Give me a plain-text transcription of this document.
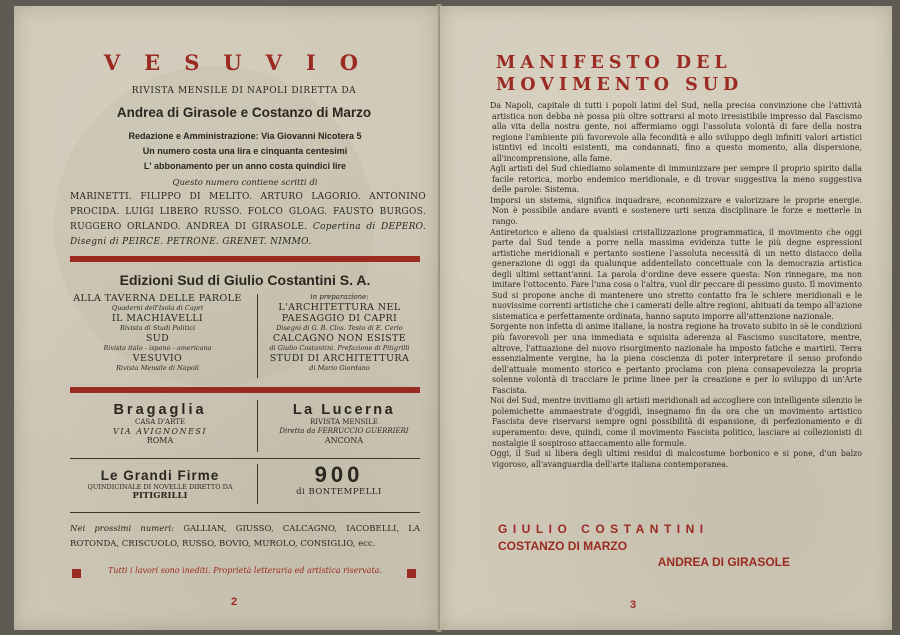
VESUVIO
RIVISTA MENSILE DI NAPOLI DIRETTA DA
Andrea di Girasole e Costanzo di Marzo
Redazione e Amministrazione: Via Giovanni Nicotera 5
Un numero costa una lira e cinquanta centesimi
L' abbonamento per un anno costa quindici lire
Questo numero contiene scritti di
MARINETTI. FILIPPO DI MELITO. ARTURO LAGORIO. ANTONINO PROCIDA. LUIGI LIBERO RUSSO. FOLCO GLOAG. FAUSTO BURGOS. RUGGERO ORLANDO. ANDREA DI GIRASOLE. Copertina di DEPERO. Disegni di PEIRCE. PETRONE. GRENET. NIMMO.
Edizioni Sud di Giulio Costantini S. A.
ALLA TAVERNA DELLE PAROLE
Quaderni dell'Isola di Capri
IL MACHIAVELLI
Rivista di Studi Politici
SUD
Rivista italo - ispano - americana
VESUVIO
Rivista Mensile di Napoli
in preparazione:
L'ARCHITETTURA NEL PAESAGGIO DI CAPRI
Disegni di G. B. Clos. Testo di E. Cerio
CALCAGNO NON ESISTE
di Giulio Costantini. Prefazione di Pitigrilli
STUDI DI ARCHITETTURA
di Mario Giordano
Bragaglia
CASA D'ARTE
VIA AVIGNONESI
ROMA
La Lucerna
RIVISTA MENSILE
Diretta da FERRUCCIO GUERRIERI
ANCONA
Le Grandi Firme
QUINDICINALE DI NOVELLE DIRETTO DA
PITIGRILLI
900
di BONTEMPELLI
Nei prossimi numeri: GALLIAN, GIUSSO, CALCAGNO, IACOBELLI, LA ROTONDA, CRISCUOLO, RUSSO, BOVIO, MUROLO, CONSIGLIO, ecc.
Tutti i lavori sono inediti. Proprietà letteraria ed artistica riservata.
2
MANIFESTO DEL
MOVIMENTO SUD

Da Napoli, capitale di tutti i popoli latini del Sud, nella precisa convinzione che l'attività artistica non debba nè possa più oltre sottrarsi al moto irresistibile impresso dal Fascismo alla vita della nostra gente, noi affermiamo oggi l'assoluta volontà di fare della nostra regione l'ambiente più favorevole alla fecondità e allo sviluppo degli infiniti valori artistici istintivi ed incolti esistenti, ma condannati, fino a questo momento, alla dispersione, all'incomprensione, alla fame.

Agli artisti del Sud chiediamo solamente di immunizzare per sempre il proprio spirito dalla facile retorica, morbo endemico meridionale, e di trovar suggestiva la meno suggestiva delle parole: Sistema.

Imporsi un sistema, significa inquadrare, economizzare e valorizzare le proprie energie. Non è possibile andare avanti e sostenere urti senza disciplinare le forze e metterle in rango.

Antiretorico e alieno da qualsiasi cristallizzazione programmatica, il movimento che oggi parte dal Sud tende a porre nella massima evidenza tutte le più degne espressioni artistiche meridionali e pertanto sostiene l'assoluta necessità di un netto distacco della generazione di oggi da qualunque addentellato concettuale con la democrazia artistica degli ultimi settant'anni. La parola d'ordine deve essere questa: Non rinnegare, ma non imitare l'ottocento. Fare l'una cosa o l'altra, vuol dir peccare di pessimo gusto. Il movimento Sud si propone anche di mantenere uno stretto contatto fra le schiere meridionali e le nuovissime correnti artistiche che i camerati delle altre regioni, abituati da tempo all'azione sistematica e perfettamente ordinata, hanno saputo imporre all'attenzione nazionale.

Sorgente non infetta di anime italiane, la nostra regione ha trovato subito in sè le condizioni più favorevoli per una immediata e squisita aderenza al Fascismo suscitatore, mentre, altrove, l'attuazione del nuovo risorgimento nazionale ha imposto fatiche e martirii. Terra essenzialmente vergine, ha la piena coscienza di poter interpretare il senso profondo dell'attuale momento storico e pertanto proclama con piena consapevolezza la propria solenne volontà di tracciare le prime linee per la creazione e per lo sviluppo di un'Arte Fascista.

Noi del Sud, mentre invitiamo gli artisti meridionali ad accogliere con intelligente silenzio le polemichette ammaestrate d'oggidì, insegnamo fin da ora che un movimento artistico Fascista deve riservarsi sempre ogni possibilità di espansione, di perfezionamento e di superamento: deve, quindi, come il movimento Fascista politico, lasciare ai collezionisti di nostalgie il sospiroso attaccamento alle formule.

Oggi, il Sud si libera degli ultimi residui di malcostume borbonico e si pone, d'un balzo vigoroso, all'avanguardia dell'arte italiana contemporanea.

GIULIO COSTANTINI
COSTANZO DI MARZO
ANDREA DI GIRASOLE
3
